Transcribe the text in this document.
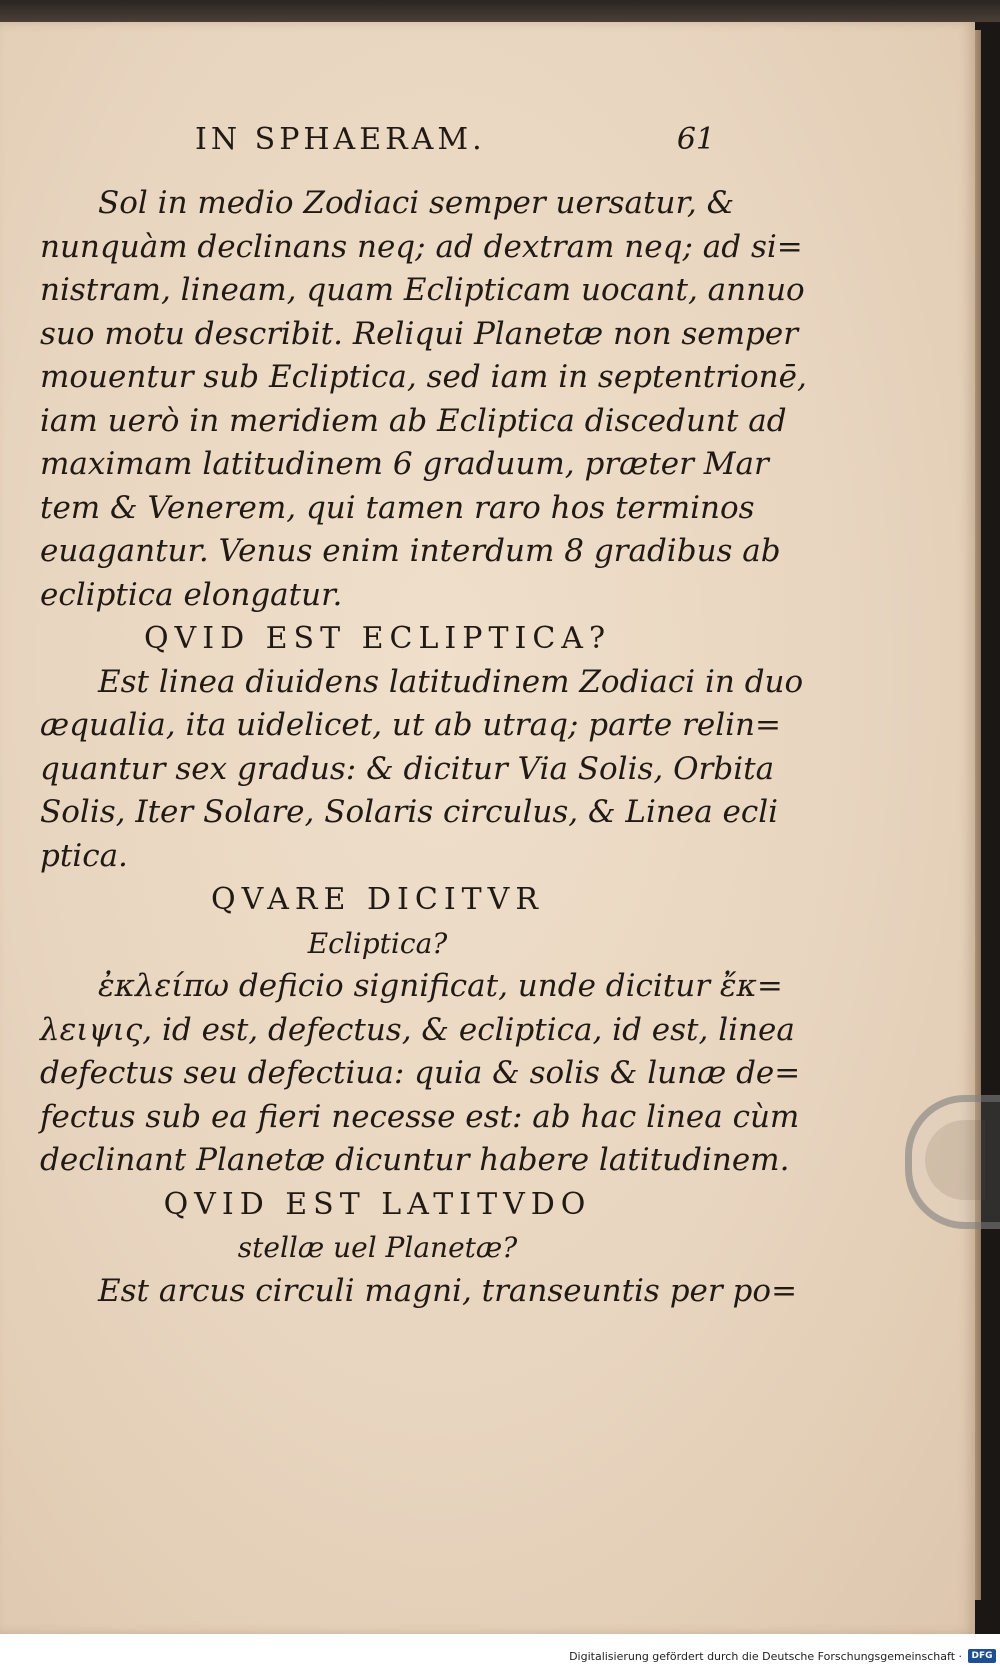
IN SPHAERAM.	61
Sol in medio Zodiaci semper uersatur, &
nunquàm declinans neq; ad dextram neq; ad si=
nistram, lineam, quam Eclipticam uocant, annuo
suo motu describit. Reliqui Planetæ non semper
mouentur sub Ecliptica, sed iam in septentrionē,
iam uerò in meridiem ab Ecliptica discedunt ad
maximam latitudinem 6 graduum, præter Mar
tem & Venerem, qui tamen raro hos terminos
euagantur. Venus enim interdum 8 gradibus ab
ecliptica elongatur.
QVID EST ECLIPTICA?
Est linea diuidens latitudinem Zodiaci in duo
æqualia, ita uidelicet, ut ab utraq; parte relin=
quantur sex gradus: & dicitur Via Solis, Orbita
Solis, Iter Solare, Solaris circulus, & Linea ecli
ptica.
QVARE DICITVR
Ecliptica?
ἐκλείπω deficio significat, unde dicitur ἔκ=
λειψις, id est, defectus, & ecliptica, id est, linea
defectus seu defectiua: quia & solis & lunæ de=
fectus sub ea fieri necesse est: ab hac linea cùm
declinant Planetæ dicuntur habere latitudinem.
QVID EST LATITVDO
stellæ uel Planetæ?
Est arcus circuli magni, transeuntis per po=
Digitalisierung gefördert durch die Deutsche Forschungsgemeinschaft ·	DFG
